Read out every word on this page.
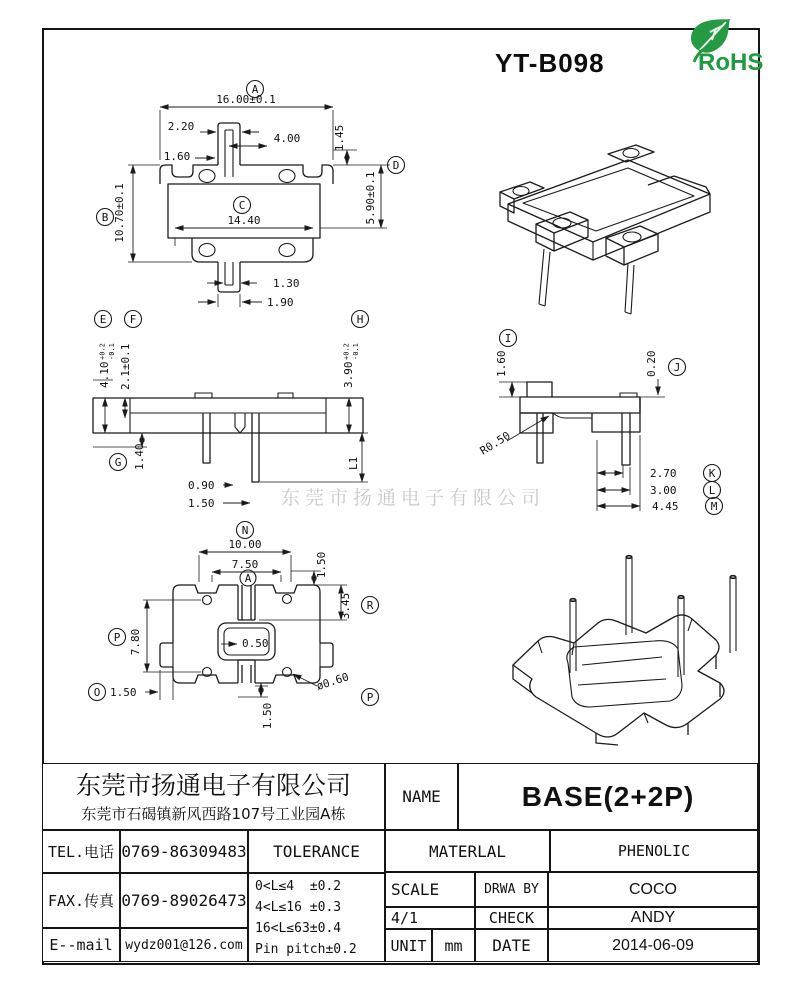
YT-B098	RoHS
A
B
C
D
16.00±0.1
2.20
4.00
1.60
1.45
5.90±0.1
10.70±0.1	14.40
1.30
1.90
E F	H
G
4.10
+0.2 -0.1 2.1±0.1	3.90
+0.2 -0.1
1.40
0.90
1.50
L1
I
J
K
L
M
1.60	0.20
R0.50
2.70
3.00
4.45
N
A
R
P
O	P
10.00
7.50	1.50
3.45
7.80	0.50
1.50
1.50
ø0.60
东莞市扬通电子有限公司
东莞市扬通电子有限公司
东莞市石碣镇新风西路107号工业园A栋
TEL.电话 0769-86309483	TOLERANCE
FAX.传真 0769-89026473
E--mail wydz001@126.com
0<L≤4  ±0.2
4<L≤16 ±0.3
16<L≤63±0.4
Pin pitch±0.2
NAME	BASE(2+2P)
MATERLAL	PHENOLIC
SCALE	DRWA BY	COCO
4/1	CHECK	ANDY
UNIT	mm	DATE	2014-06-09
